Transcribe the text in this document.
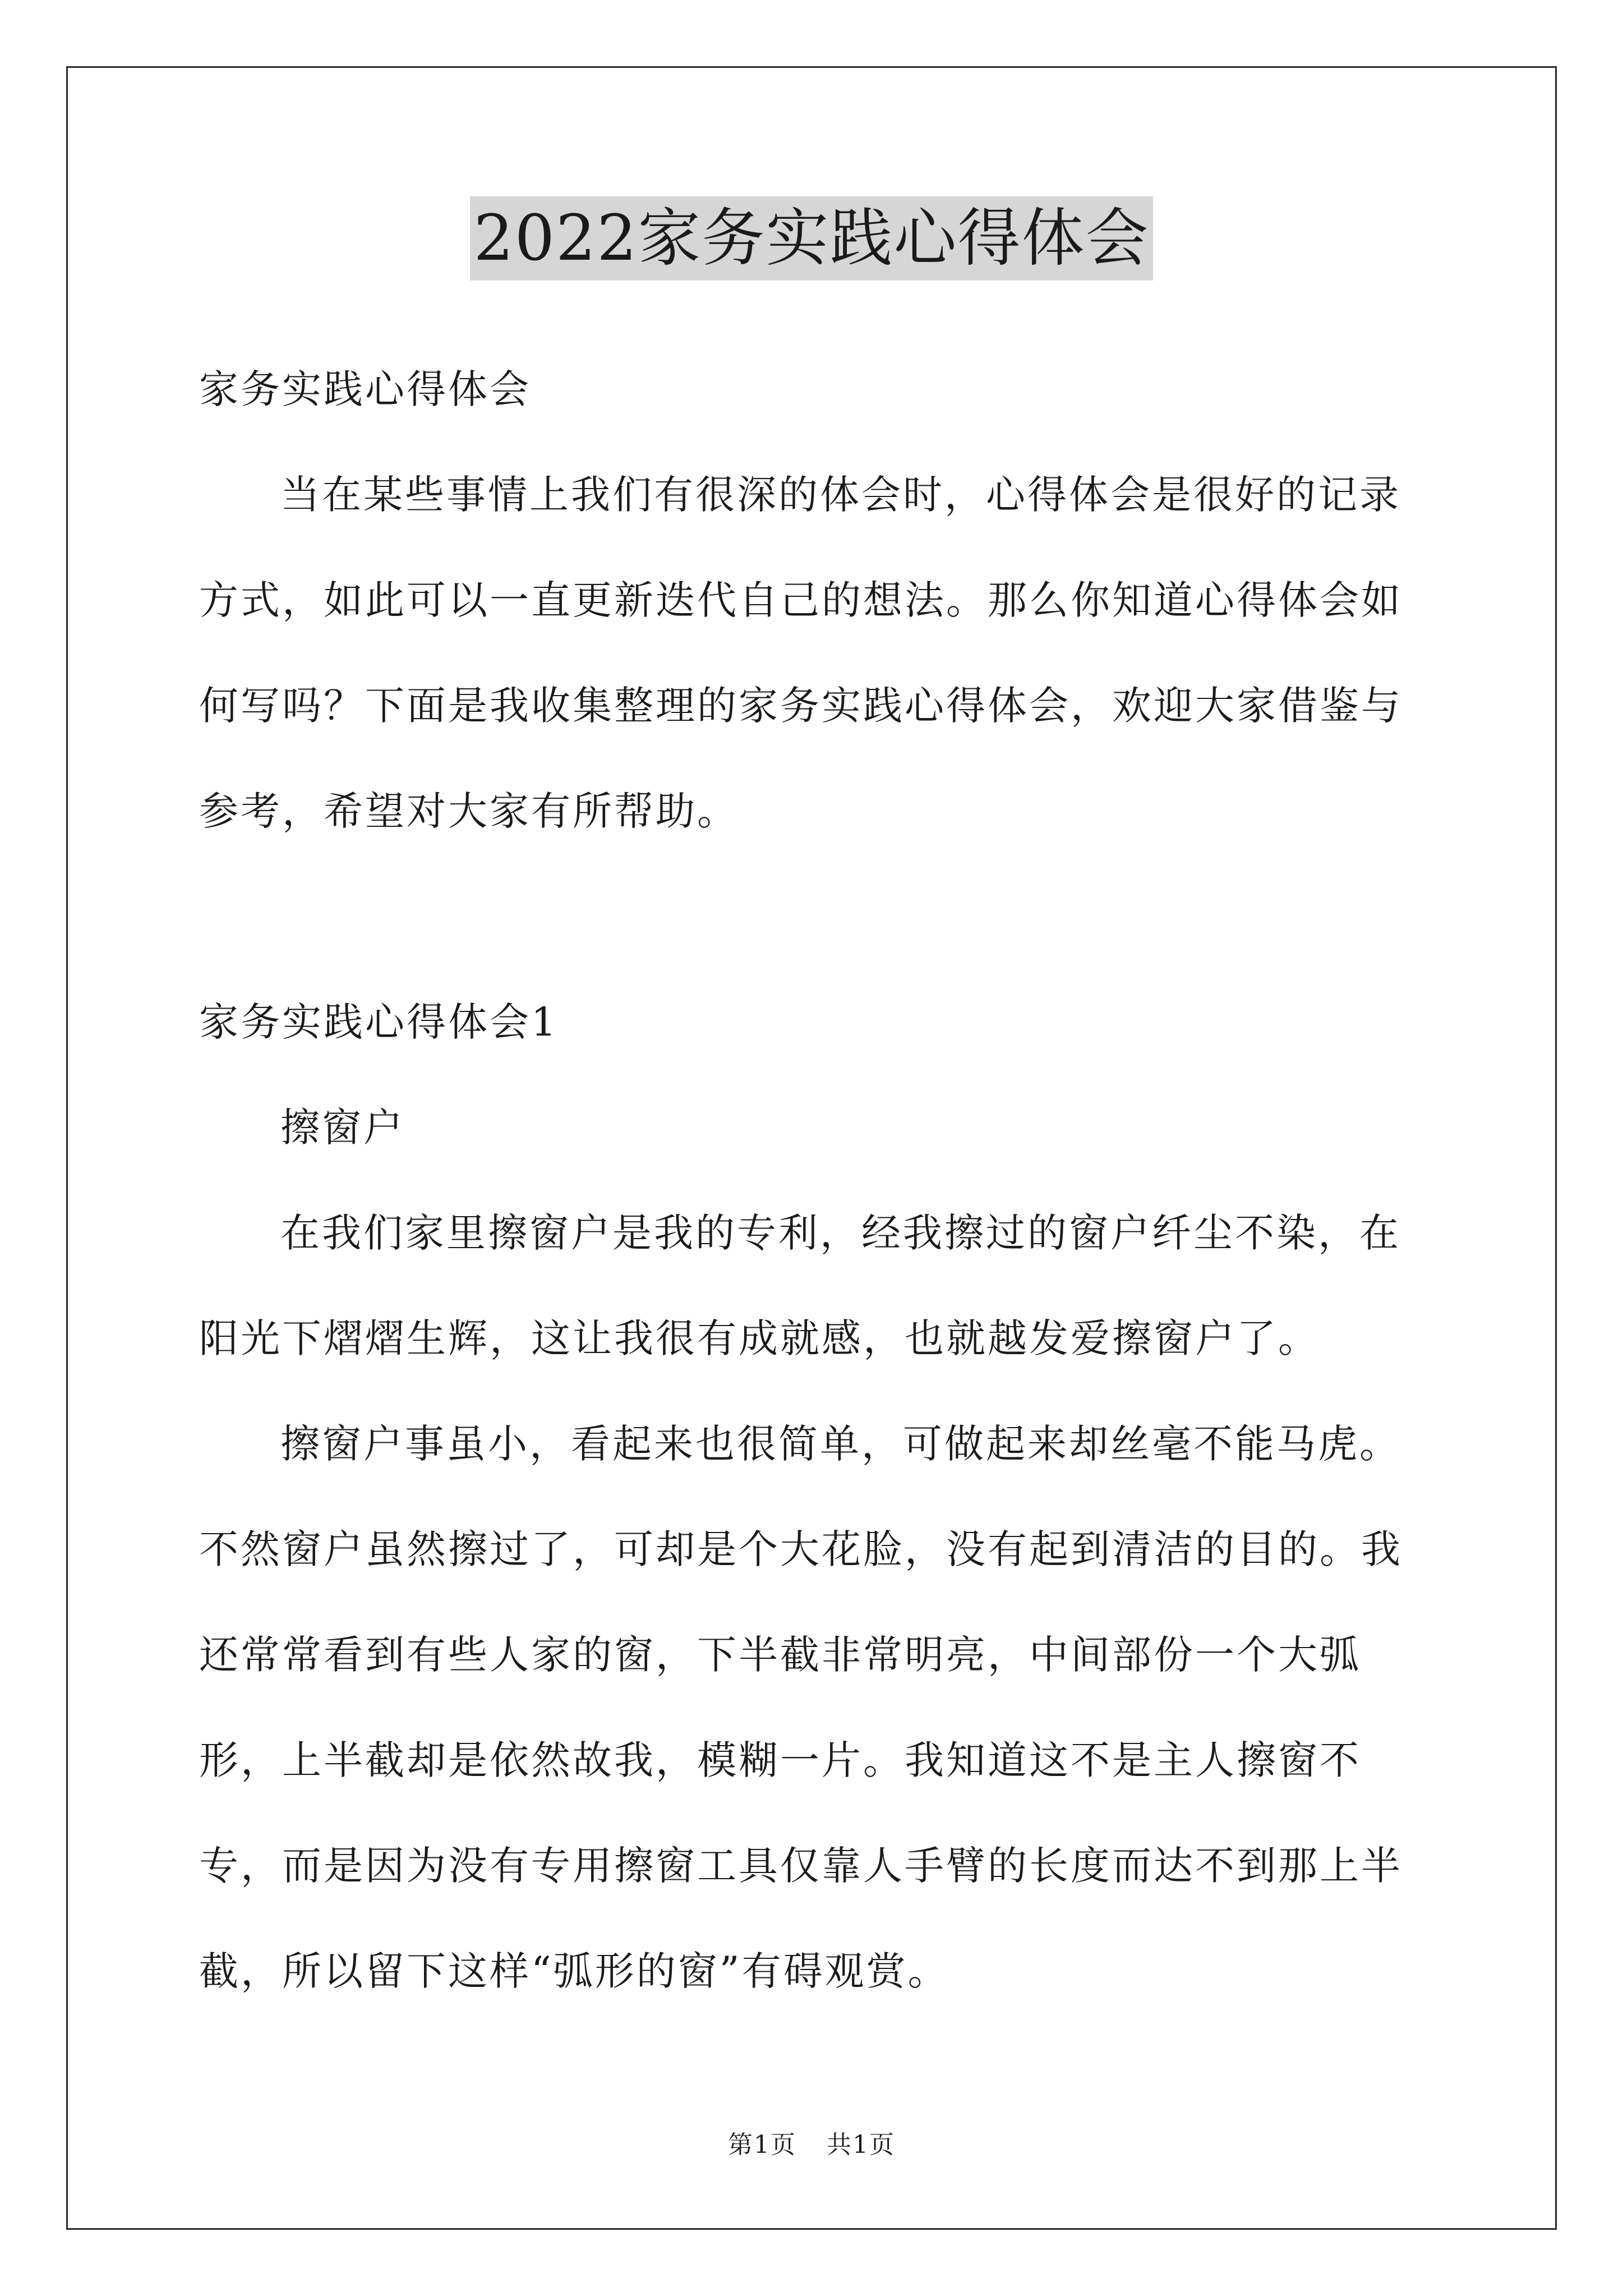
2022家务实践心得体会

家务实践心得体会

当在某些事情上我们有很深的体会时，心得体会是很好的记录方式，如此可以一直更新迭代自己的想法。那么你知道心得体会如何写吗？下面是我收集整理的家务实践心得体会，欢迎大家借鉴与参考，希望对大家有所帮助。

家务实践心得体会1

擦窗户

在我们家里擦窗户是我的专利，经我擦过的窗户纤尘不染，在阳光下熠熠生辉，这让我很有成就感，也就越发爱擦窗户了。

擦窗户事虽小，看起来也很简单，可做起来却丝毫不能马虎。不然窗户虽然擦过了，可却是个大花脸，没有起到清洁的目的。我还常常看到有些人家的窗，下半截非常明亮，中间部份一个大弧形，上半截却是依然故我，模糊一片。我知道这不是主人擦窗不专，而是因为没有专用擦窗工具仅靠人手臂的长度而达不到那上半截，所以留下这样“弧形的窗”有碍观赏。

第1页 共1页
